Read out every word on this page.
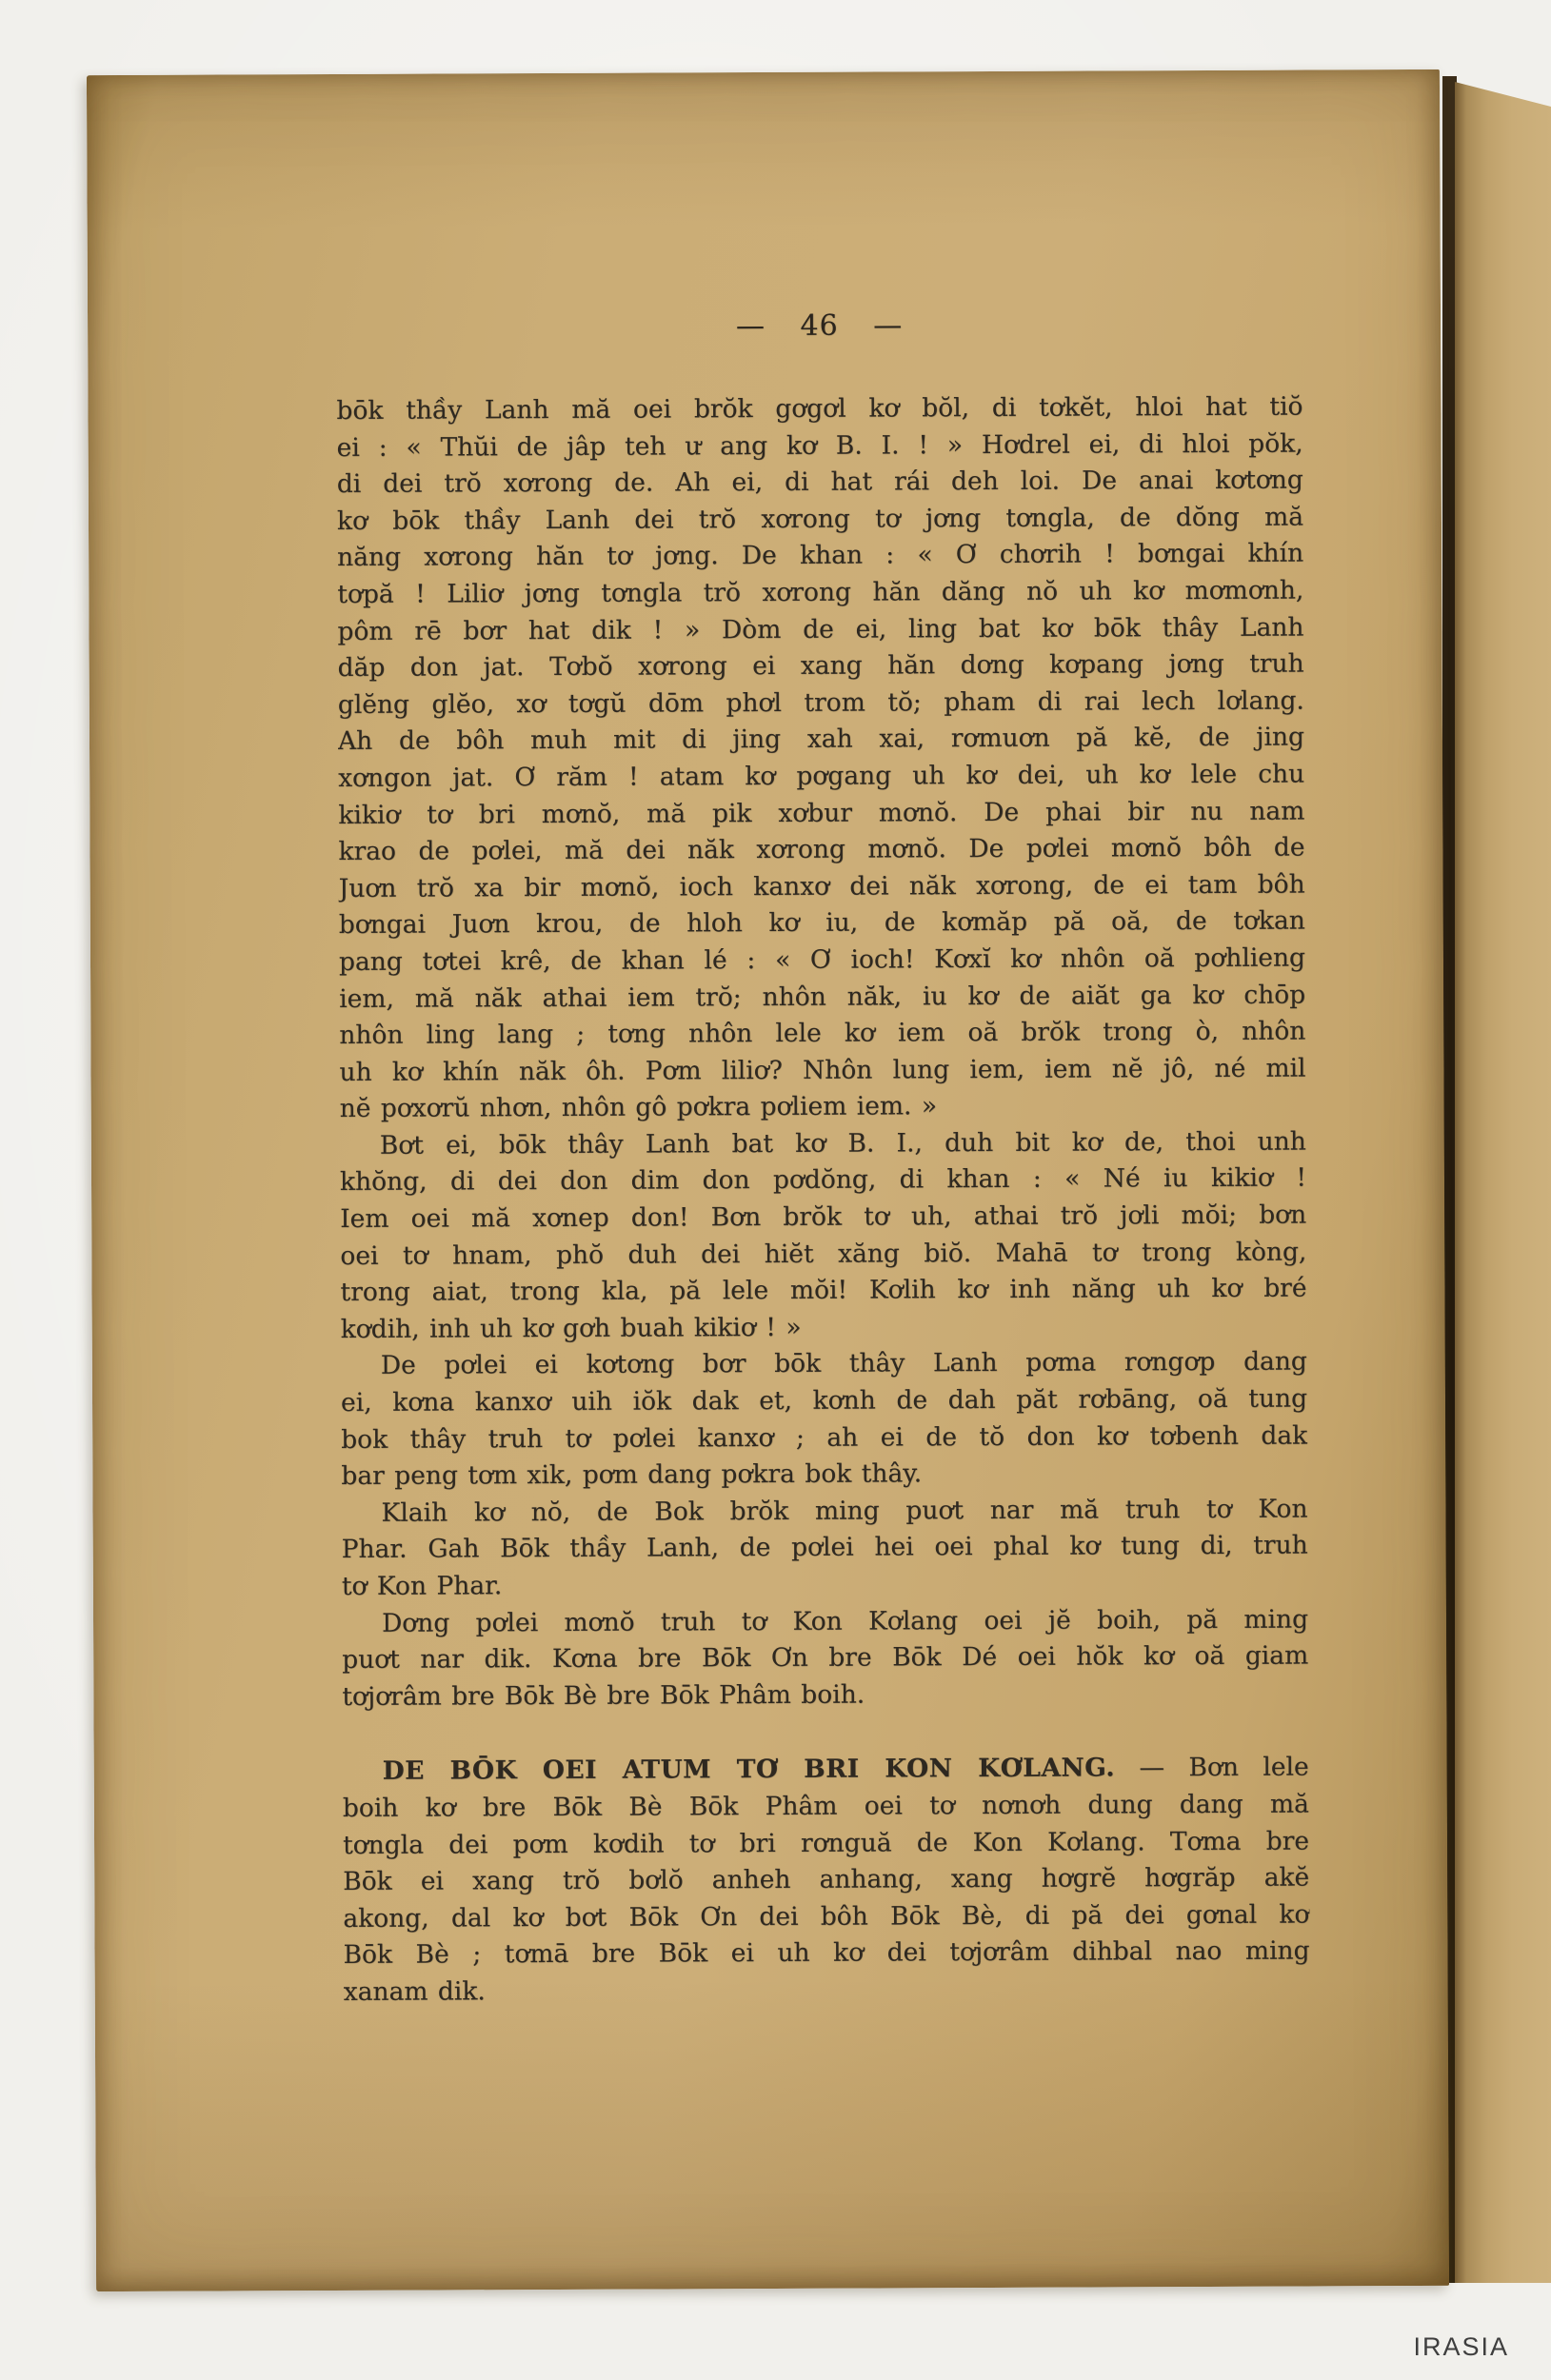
— 46 —
bōk thầy Lanh mă oei brŏk gơgơl kơ bŏl, di tơkĕt, hloi hat tiŏ
ei : « Thŭi de jâp teh ư ang kơ B. I. ! » Hơdrel ei, di hloi pŏk,
di dei trŏ xơrong de. Ah ei, di hat rái deh loi. De anai kơtơng
kơ bōk thầy Lanh dei trŏ xơrong tơ jơng tơngla, de dŏng mă
năng xơrong hăn tơ jơng. De khan : « Ơ chơrih ! bơngai khín
tơpă ! Liliơ jơng tơngla trŏ xơrong hăn dăng nŏ uh kơ mơmơnh,
pôm rē bơr hat dik ! » Dòm de ei, ling bat kơ bōk thây Lanh
dăp don jat. Tơbŏ xơrong ei xang hăn dơng kơpang jơng truh
glĕng glĕo, xơ tơgŭ dōm phơl trom tŏ; pham di rai lech lơlang.
Ah de bôh muh mit di jing xah xai, rơmuơn pă kĕ, de jing
xơngon jat. Ơ răm ! atam kơ pơgang uh kơ dei, uh kơ lele chu
kikiơ tơ bri mơnŏ, mă pik xơbur mơnŏ. De phai bir nu nam
krao de pơlei, mă dei năk xơrong mơnŏ. De pơlei mơnŏ bôh de
Juơn trŏ xa bir mơnŏ, ioch kanxơ dei năk xơrong, de ei tam bôh
bơngai Juơn krou, de hloh kơ iu, de kơmăp pă oă, de tơkan
pang tơtei krê, de khan lé : « Ơ ioch! Kơxĭ kơ nhôn oă pơhlieng
iem, mă năk athai iem trŏ; nhôn năk, iu kơ de aiăt ga kơ chōp
nhôn ling lang ; tơng nhôn lele kơ iem oă brŏk trong ò, nhôn
uh kơ khín năk ôh. Pơm liliơ? Nhôn lung iem, iem nĕ jô, né mil
nĕ pơxơrŭ nhơn, nhôn gô pơkra pơliem iem. »
Bơt ei, bōk thây Lanh bat kơ B. I., duh bit kơ de, thoi unh
khŏng, di dei don dim don pơdŏng, di khan : « Né iu kikiơ !
Iem oei mă xơnep don! Bơn brŏk tơ uh, athai trŏ jơli mŏi; bơn
oei tơ hnam, phŏ duh dei hiĕt xăng biŏ. Mahā tơ trong kòng,
trong aiat, trong kla, pă lele mŏi! Kơlih kơ inh năng uh kơ bré
kơdih, inh uh kơ gơh buah kikiơ ! »
De pơlei ei kơtơng bơr bōk thây Lanh pơma rơngơp dang
ei, kơna kanxơ uih iŏk dak et, kơnh de dah păt rơbāng, oă tung
bok thây truh tơ pơlei kanxơ ; ah ei de tŏ don kơ tơbenh dak
bar peng tơm xik, pơm dang pơkra bok thây.
Klaih kơ nŏ, de Bok brŏk ming puơt nar mă truh tơ Kon
Phar. Gah Bōk thầy Lanh, de pơlei hei oei phal kơ tung di, truh
tơ Kon Phar.
Dơng pơlei mơnŏ truh tơ Kon Kơlang oei jĕ boih, pă ming
puơt nar dik. Kơna bre Bōk Ơn bre Bōk Dé oei hŏk kơ oă giam
tơjơrâm bre Bōk Bè bre Bōk Phâm boih.
DE BŌK OEI ATUM TƠ BRI KON KƠLANG. — Bơn lele
boih kơ bre Bōk Bè Bōk Phâm oei tơ nơnơh dung dang mă
tơngla dei pơm kơdih tơ bri rơnguă de Kon Kơlang. Tơma bre
Bōk ei xang trŏ bơlŏ anheh anhang, xang hơgrĕ hơgrăp akĕ
akong, dal kơ bơt Bōk Ơn dei bôh Bōk Bè, di pă dei gơnal kơ
Bōk Bè ; tơmā bre Bōk ei uh kơ dei tơjơrâm dihbal nao ming
xanam dik.
IRASIA
